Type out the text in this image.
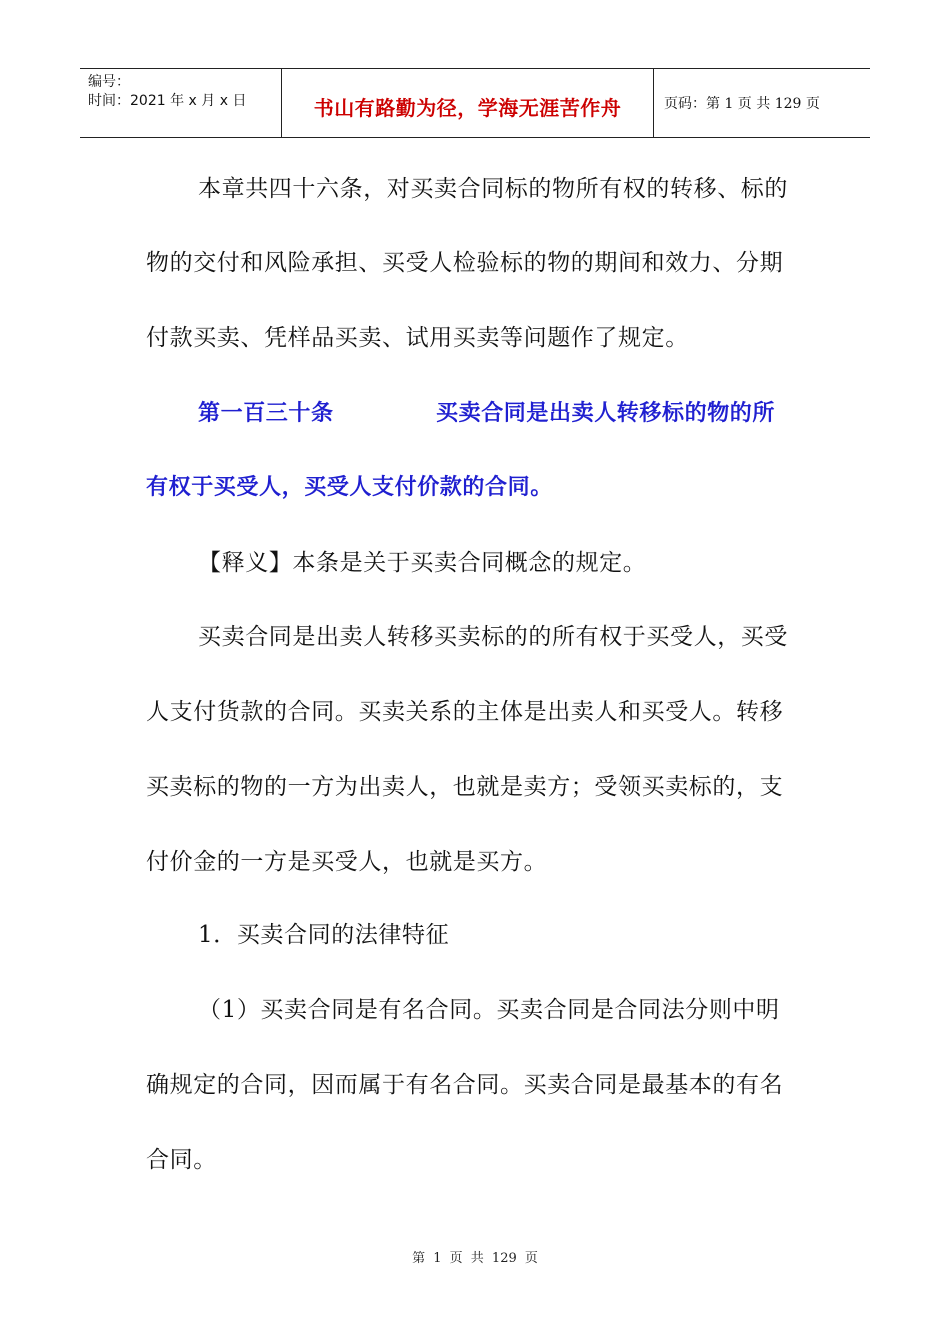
编号：
时间：2021 年 x 月 x 日	书山有路勤为径，学海无涯苦作舟	页码：第 1 页 共 129 页
本章共四十六条，对买卖合同标的物所有权的转移、标的
物的交付和风险承担、买受人检验标的物的期间和效力、分期
付款买卖、凭样品买卖、试用买卖等问题作了规定。
第一百三十条	买卖合同是出卖人转移标的物的所
有权于买受人，买受人支付价款的合同。
【释义】本条是关于买卖合同概念的规定。
买卖合同是出卖人转移买卖标的的所有权于买受人，买受
人支付货款的合同。买卖关系的主体是出卖人和买受人。转移
买卖标的物的一方为出卖人，也就是卖方；受领买卖标的，支
付价金的一方是买受人，也就是买方。
1．买卖合同的法律特征
（1）买卖合同是有名合同。买卖合同是合同法分则中明
确规定的合同，因而属于有名合同。买卖合同是最基本的有名
合同。
第 1 页 共 129 页
